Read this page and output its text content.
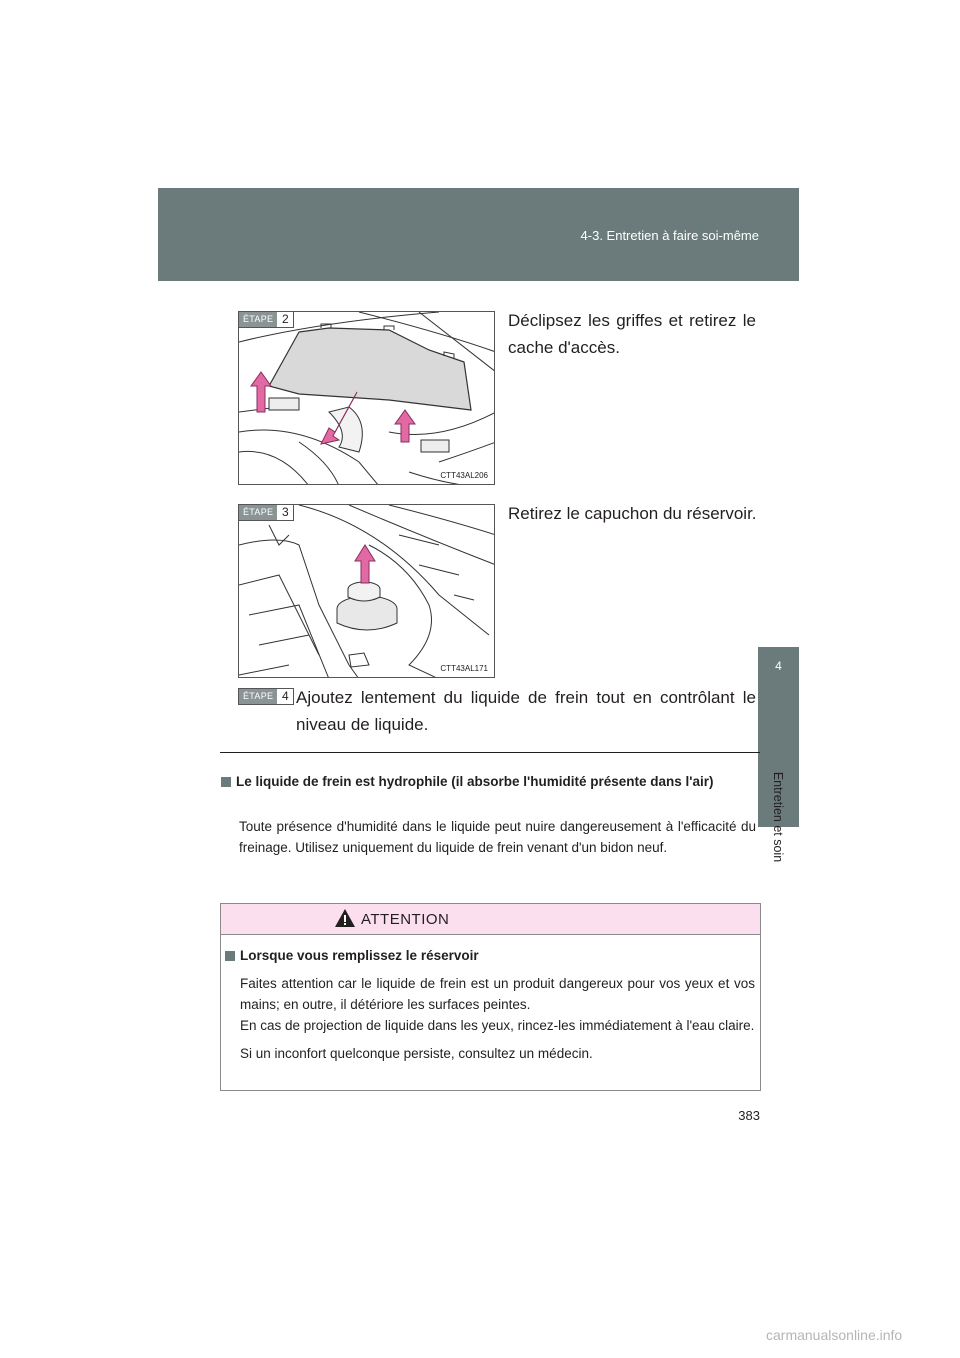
4-3. Entretien à faire soi-même
4
Entretien et soin
CTT43AL206
ÉTAPE 2	Déclipsez les griffes et retirez le cache d'accès.
CTT43AL171
ÉTAPE 3	Retirez le capuchon du réservoir.
ÉTAPE 4 Ajoutez lentement du liquide de frein tout en contrôlant le niveau de liquide.
Le liquide de frein est hydrophile (il absorbe l'humidité présente dans l'air)
Toute présence d'humidité dans le liquide peut nuire dangereusement à l'efficacité du freinage. Utilisez uniquement du liquide de frein venant d'un bidon neuf.
ATTENTION
Lorsque vous remplissez le réservoir

Faites attention car le liquide de frein est un produit dangereux pour vos yeux et vos mains; en outre, il détériore les surfaces peintes.

En cas de projection de liquide dans les yeux, rincez-les immédiatement à l'eau claire.

Si un inconfort quelconque persiste, consultez un médecin.

383
carmanualsonline.info
